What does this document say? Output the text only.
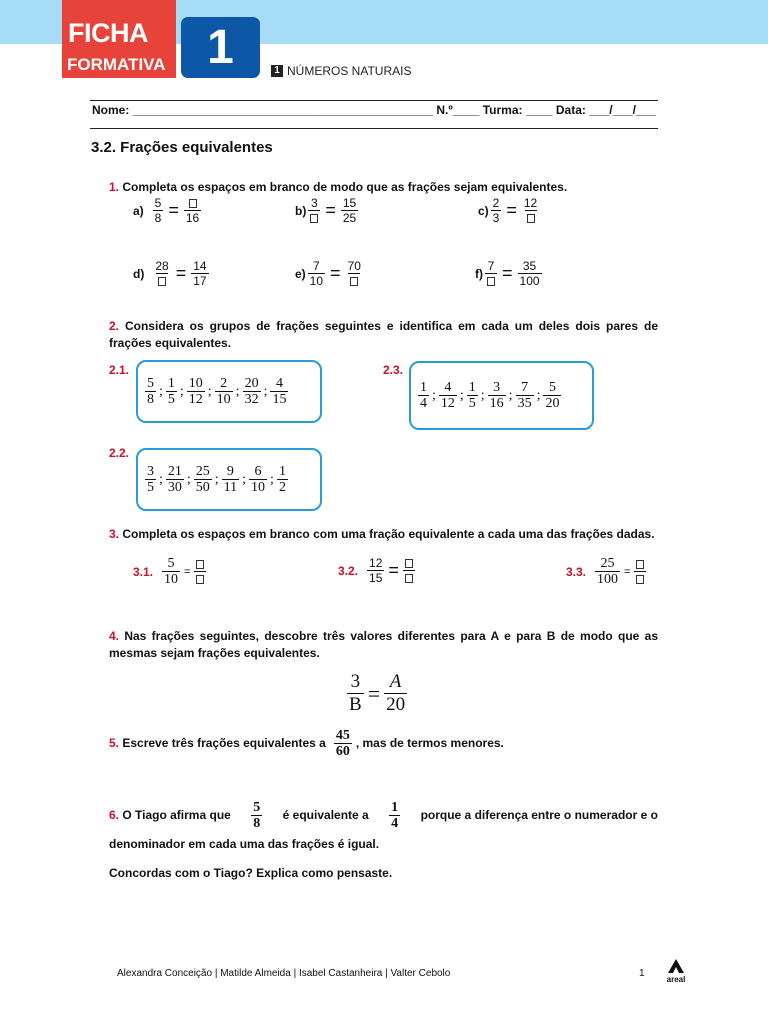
FICHA
FORMATIVA 1	1 NÚMEROS NATURAIS
Nome: _____________________________________________ N.º____ Turma: ____ Data: ___/___/___
3.2. Frações equivalentes
1. Completa os espaços em branco de modo que as frações sejam equivalentes.
$a) \frac{5}{8} = 16$
b)
$3 = \frac{15}{25}$	$c) \frac{2}{3} = 12$
d)
$28 = \frac{14}{17}$	$e) \frac{7}{10} = 70$
f)
$7 = \frac{35}{100}$
2. Considera os grupos de frações seguintes e identifica em cada um deles dois pares de frações equivalentes.
2.1.
$\frac{5}{8}$ ; $\frac{1}{5}$ ; $\frac{10}{12}$ ; $\frac{2}{10}$ ; $\frac{20}{32}$ ; $\frac{4}{15}$
2.3.
$\frac{1}{4}$ ; $\frac{4}{12}$ ; $\frac{1}{5}$ ; $\frac{3}{16}$ ; $\frac{7}{35}$ ; $\frac{5}{20}$
2.2.
$\frac{3}{5}$ ; $\frac{21}{30}$ ; $\frac{25}{50}$ ; $\frac{9}{11}$ ; $\frac{6}{10}$ ; $\frac{1}{2}$
3. Completa os espaços em branco com uma fração equivalente a cada uma das frações dadas.
3.1. $\frac{5}{10}$ =	3.2. $\frac{12}{15}$ =	3.3. $\frac{25}{100}$ =
4. Nas frações seguintes, descobre três valores diferentes para A e para B de modo que as mesmas sejam frações equivalentes.
$\frac{3}{B} = \frac{A}{20}$
5. Escreve três frações equivalentes a $\frac{45}{60}$ , mas de termos menores.
6. O Tiago afirma que $\frac{5}{8}$ é equivalente a $\frac{1}{4}$ porque a diferença entre o numerador e o
denominador em cada uma das frações é igual.
Concordas com o Tiago? Explica como pensaste.
Alexandra Conceição | Matilde Almeida | Isabel Castanheira | Valter Cebolo	1
areal
